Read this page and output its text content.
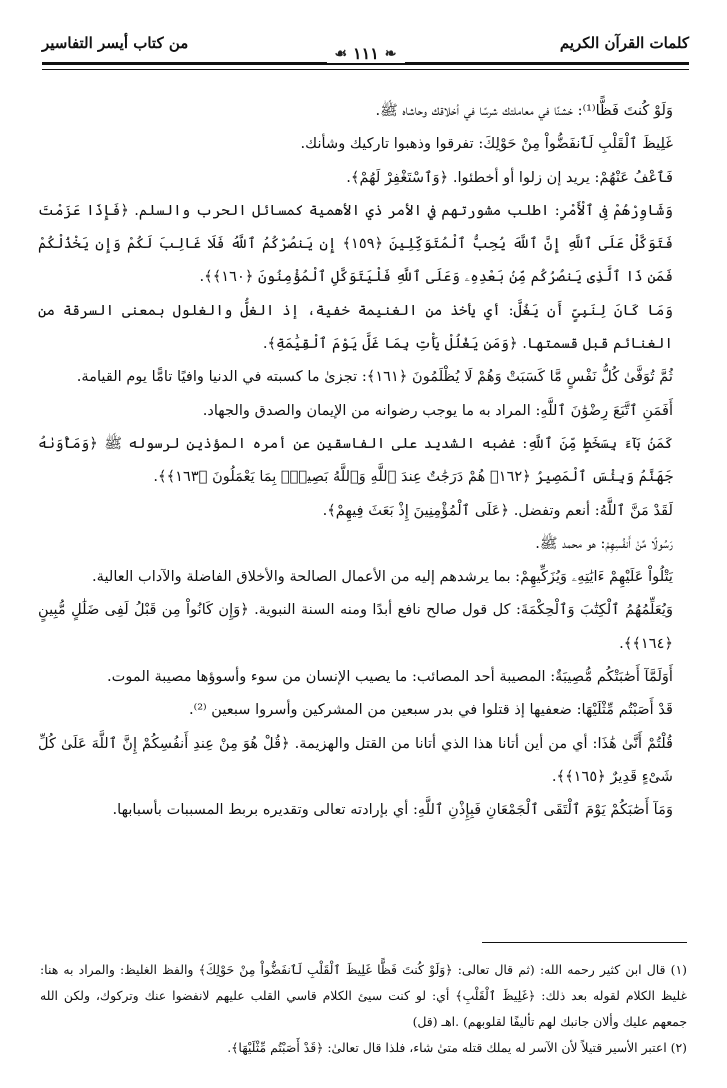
كلمات القرآن الكريم
❧
١١١
☙
من كتاب أيسر التفاسير

وَلَوْ كُنتَ فَظًّا⁽¹⁾: خشنًا في معاملتك شرسًا في أخلاقك وحاشاه ﷺ.

غَلِيظَ ٱلْقَلْبِ لَٱنفَضُّواْ مِنْ حَوْلِكَ: تفرقوا وذهبوا تاركيك وشأنك.

فَٱعْفُ عَنْهُمْ: يريد إن زلوا أو أخطئوا. ﴿وَٱسْتَغْفِرْ لَهُمْ﴾.

وَشَاوِرْهُمْ فِى ٱلْأَمْرِ: اطلب مشورتهم في الأمر ذي الأهمية كمسائل الحرب والسلم. ﴿فَإِذَا عَزَمْتَ فَتَوَكَّلْ عَلَى ٱللَّهِ إِنَّ ٱللَّهَ يُحِبُّ ٱلْمُتَوَكِّلِينَ ﴿١٥٩﴾ إِن يَنصُرْكُمُ ٱللَّهُ فَلَا غَالِبَ لَكُمْ وَإِن يَخْذُلْكُمْ فَمَن ذَا ٱلَّذِى يَنصُرُكُم مِّنۢ بَعْدِهِۦ وَعَلَى ٱللَّهِ فَلْيَتَوَكَّلِ ٱلْمُؤْمِنُونَ ﴿١٦٠﴾﴾.

وَمَا كَانَ لِنَبِىٍّ أَن يَغُلَّ: أي يأخذ من الغنيمة خفية، إذ الغلُّ والغلول بمعنى السرقة من الغنائم قبل قسمتها. ﴿وَمَن يَغْلُلْ يَأْتِ بِمَا غَلَّ يَوْمَ ٱلْقِيَٰمَةِ﴾.

ثُمَّ تُوَفَّىٰ كُلُّ نَفْسٍ مَّا كَسَبَتْ وَهُمْ لَا يُظْلَمُونَ ﴿١٦١﴾: تجزىٰ ما كسبته في الدنيا وافيًا تامًّا يوم القيامة.

أَفَمَنِ ٱتَّبَعَ رِضْوَٰنَ ٱللَّهِ: المراد به ما يوجب رضوانه من الإيمان والصدق والجهاد.

كَمَنۢ بَآءَ بِسَخَطٍ مِّنَ ٱللَّهِ: غضبه الشديد على الفاسقين عن أمره المؤذين لرسوله ﷺ ﴿وَمَأْوَىٰهُ جَهَنَّمُ وَبِئْسَ ٱلْمَصِيرُ ﴿١٦٢﴾ هُمْ دَرَجَٰتٌ عِندَ ٱللَّهِ وَٱللَّهُ بَصِيرٌۢ بِمَا يَعْمَلُونَ ﴿١٦٣﴾﴾.

لَقَدْ مَنَّ ٱللَّهُ: أنعم وتفضل. ﴿عَلَى ٱلْمُؤْمِنِينَ إِذْ بَعَثَ فِيهِمْ﴾.

رَسُولًا مِّنْ أَنفُسِهِمْ: هو محمد ﷺ.

يَتْلُواْ عَلَيْهِمْ ءَايَٰتِهِۦ وَيُزَكِّيهِمْ: بما يرشدهم إليه من الأعمال الصالحة والأخلاق الفاضلة والآداب العالية.

وَيُعَلِّمُهُمُ ٱلْكِتَٰبَ وَٱلْحِكْمَةَ: كل قول صالح نافع أبدًا ومنه السنة النبوية. ﴿وَإِن كَانُواْ مِن قَبْلُ لَفِى ضَلَٰلٍ مُّبِينٍ ﴿١٦٤﴾﴾.

أَوَلَمَّآ أَصَٰبَتْكُم مُّصِيبَةٌ: المصيبة أحد المصائب: ما يصيب الإنسان من سوء وأسوؤها مصيبة الموت.

قَدْ أَصَبْتُم مِّثْلَيْهَا: ضعفيها إذ قتلوا في بدر سبعين من المشركين وأسروا سبعين ⁽²⁾.

قُلْتُمْ أَنَّىٰ هَٰذَا: أي من أين أتانا هذا الذي أتانا من القتل والهزيمة. ﴿قُلْ هُوَ مِنْ عِندِ أَنفُسِكُمْ إِنَّ ٱللَّهَ عَلَىٰ كُلِّ شَىْءٍ قَدِيرٌ ﴿١٦٥﴾﴾.

وَمَآ أَصَٰبَكُمْ يَوْمَ ٱلْتَقَى ٱلْجَمْعَانِ فَبِإِذْنِ ٱللَّهِ: أي بإرادته تعالى وتقديره بربط المسببات بأسبابها.

(١) قال ابن كثير رحمه الله: (ثم قال تعالى: ﴿وَلَوْ كُنتَ فَظًّا غَلِيظَ ٱلْقَلْبِ لَٱنفَضُّواْ مِنْ حَوْلِكَ﴾ والفظ الغليظ: والمراد به هنا: غليظ الكلام لقوله بعد ذلك: ﴿غَلِيظَ ٱلْقَلْبِ﴾ أي: لو كنت سيئ الكلام قاسي القلب عليهم لانفضوا عنك وتركوك، ولكن الله جمعهم عليك وألان جانبك لهم تأليفًا لقلوبهم) .اهـ (قل)

(٢) اعتبر الأسير قتيلاً لأن الآسر له يملك قتله متىٰ شاء، فلذا قال تعالىٰ: ﴿قَدْ أَصَبْتُم مِّثْلَيْهَا﴾.
